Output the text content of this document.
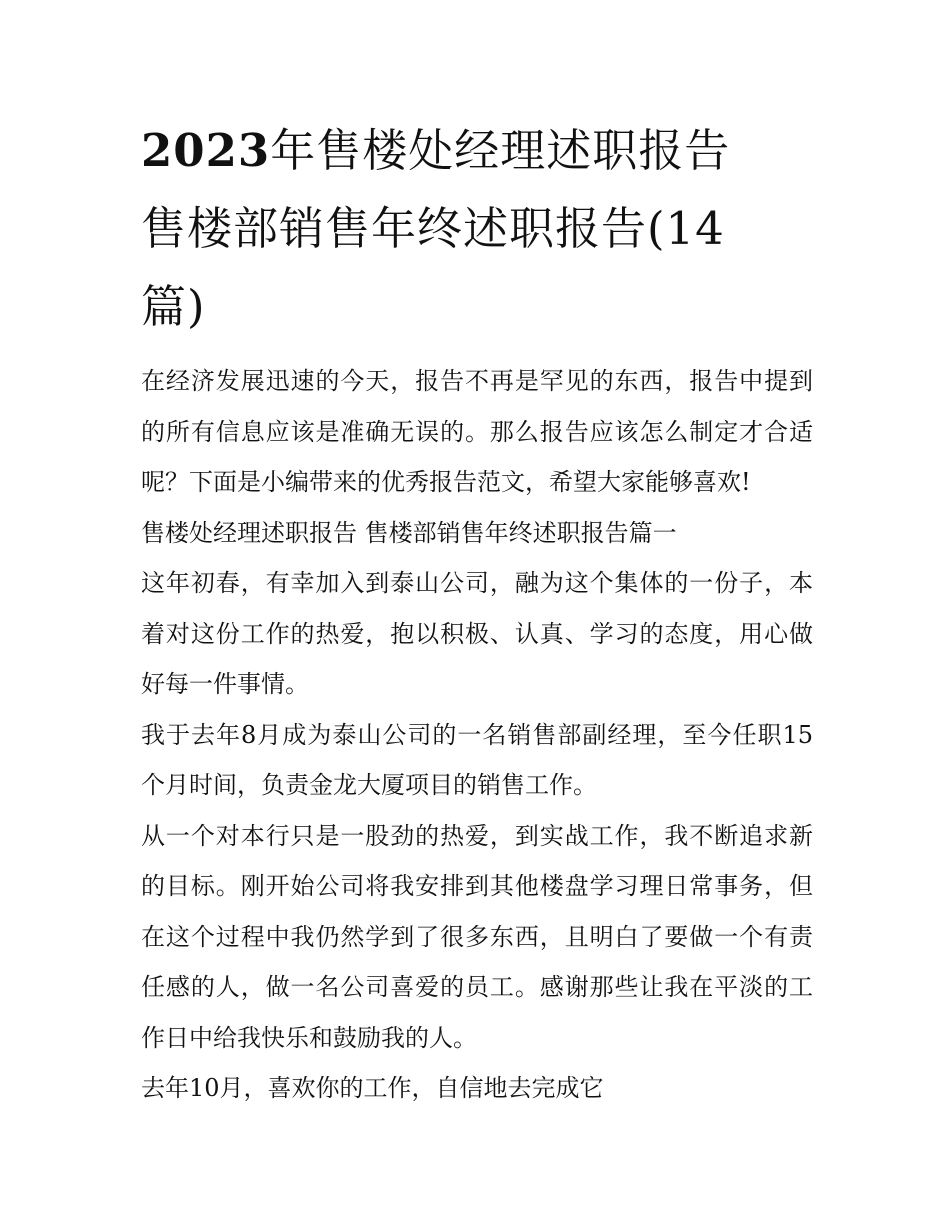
2023年售楼处经理述职报告
售楼部销售年终述职报告(14
篇)
在经济发展迅速的今天，报告不再是罕见的东西，报告中提到
的所有信息应该是准确无误的。那么报告应该怎么制定才合适
呢？下面是小编带来的优秀报告范文，希望大家能够喜欢!
售楼处经理述职报告 售楼部销售年终述职报告篇一
这年初春，有幸加入到泰山公司，融为这个集体的一份子，本
着对这份工作的热爱，抱以积极、认真、学习的态度，用心做
好每一件事情。
我于去年8月成为泰山公司的一名销售部副经理，至今任职15
个月时间，负责金龙大厦项目的销售工作。
从一个对本行只是一股劲的热爱，到实战工作，我不断追求新
的目标。刚开始公司将我安排到其他楼盘学习理日常事务，但
在这个过程中我仍然学到了很多东西，且明白了要做一个有责
任感的人，做一名公司喜爱的员工。感谢那些让我在平淡的工
作日中给我快乐和鼓励我的人。
去年10月，喜欢你的工作，自信地去完成它
